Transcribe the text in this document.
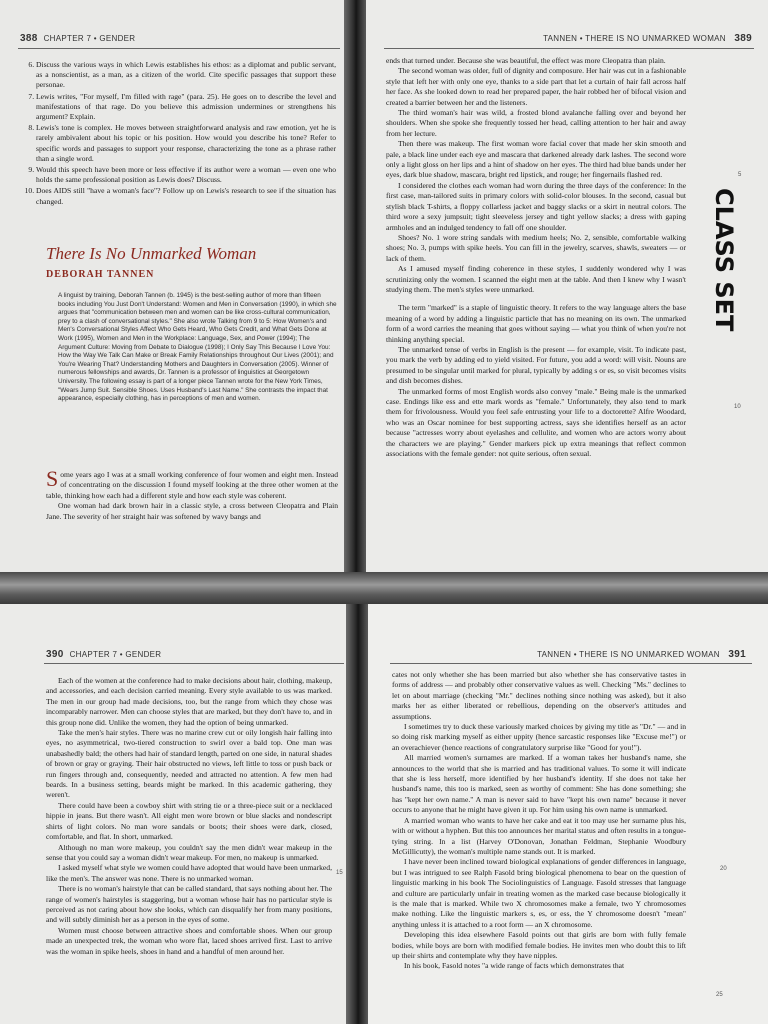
388 CHAPTER 7 • GENDER
6. Discuss the various ways in which Lewis establishes his ethos: as a diplomat and public servant, as a nonscientist, as a man, as a citizen of the world. Cite specific passages that support these personae.
7. Lewis writes, "For myself, I'm filled with rage" (para. 25). He goes on to describe the level and manifestations of that rage. Do you believe this admission undermines or strengthens his argument? Explain.
8. Lewis's tone is complex. He moves between straightforward analysis and raw emotion, yet he is rarely ambivalent about his topic or his position. How would you describe his tone? Refer to specific words and passages to support your response, characterizing the tone as a phrase rather than a single word.
9. Would this speech have been more or less effective if its author were a woman — even one who holds the same professional position as Lewis does? Discuss.
10. Does AIDS still "have a woman's face"? Follow up on Lewis's research to see if the situation has changed.
There Is No Unmarked Woman
DEBORAH TANNEN
A linguist by training, Deborah Tannen (b. 1945) is the best-selling author of more than fifteen books including You Just Don't Understand: Women and Men in Conversation (1990), in which she argues that "communication between men and women can be like cross-cultural communication, prey to a clash of conversational styles." She also wrote Talking from 9 to 5: How Women's and Men's Conversational Styles Affect Who Gets Heard, Who Gets Credit, and What Gets Done at Work (1995), Women and Men in the Workplace: Language, Sex, and Power (1994); The Argument Culture: Moving from Debate to Dialogue (1998); I Only Say This Because I Love You: How the Way We Talk Can Make or Break Family Relationships throughout Our Lives (2001); and You're Wearing That? Understanding Mothers and Daughters in Conversation (2005). Winner of numerous fellowships and awards, Dr. Tannen is a professor of linguistics at Georgetown University. The following essay is part of a longer piece Tannen wrote for the New York Times, "Wears Jump Suit. Sensible Shoes. Uses Husband's Last Name." She contrasts the impact that appearance, especially clothing, has in perceptions of men and women.

Some years ago I was at a small working conference of four women and eight men. Instead of concentrating on the discussion I found myself looking at the three other women at the table, thinking how each had a different style and how each style was coherent.

One woman had dark brown hair in a classic style, a cross between Cleopatra and Plain Jane. The severity of her straight hair was softened by wavy bangs and

TANNEN • THERE IS NO UNMARKED WOMAN 389

ends that turned under. Because she was beautiful, the effect was more Cleopatra than plain.

The second woman was older, full of dignity and composure. Her hair was cut in a fashionable style that left her with only one eye, thanks to a side part that let a curtain of hair fall across half her face. As she looked down to read her prepared paper, the hair robbed her of bifocal vision and created a barrier between her and the listeners.

The third woman's hair was wild, a frosted blond avalanche falling over and beyond her shoulders. When she spoke she frequently tossed her head, calling attention to her hair and away from her lecture.

Then there was makeup. The first woman wore facial cover that made her skin smooth and pale, a black line under each eye and mascara that darkened already dark lashes. The second wore only a light gloss on her lips and a hint of shadow on her eyes. The third had blue bands under her eyes, dark blue shadow, mascara, bright red lipstick, and rouge; her fingernails flashed red.

I considered the clothes each woman had worn during the three days of the conference: In the first case, man-tailored suits in primary colors with solid-color blouses. In the second, casual but stylish black T-shirts, a floppy collarless jacket and baggy slacks or a skirt in neutral colors. The third wore a sexy jumpsuit; tight sleeveless jersey and tight yellow slacks; a dress with gaping armholes and an indulged tendency to fall off one shoulder.

Shoes? No. 1 wore string sandals with medium heels; No. 2, sensible, comfortable walking shoes; No. 3, pumps with spike heels. You can fill in the jewelry, scarves, shawls, sweaters — or lack of them.

As I amused myself finding coherence in these styles, I suddenly wondered why I was scrutinizing only the women. I scanned the eight men at the table. And then I knew why I wasn't studying them. The men's styles were unmarked.

The term "marked" is a staple of linguistic theory. It refers to the way language alters the base meaning of a word by adding a linguistic particle that has no meaning on its own. The unmarked form of a word carries the meaning that goes without saying — what you think of when you're not thinking anything special.

The unmarked tense of verbs in English is the present — for example, visit. To indicate past, you mark the verb by adding ed to yield visited. For future, you add a word: will visit. Nouns are presumed to be singular until marked for plural, typically by adding s or es, so visit becomes visits and dish becomes dishes.

The unmarked forms of most English words also convey "male." Being male is the unmarked case. Endings like ess and ette mark words as "female." Unfortunately, they also tend to mark them for frivolousness. Would you feel safe entrusting your life to a doctorette? Alfre Woodard, who was an Oscar nominee for best supporting actress, says she identifies herself as an actor because "actresses worry about eyelashes and cellulite, and women who are actors worry about the characters we are playing." Gender markers pick up extra meanings that reflect common associations with the female gender: not quite serious, often sexual.

5
10
390 CHAPTER 7 • GENDER

Each of the women at the conference had to make decisions about hair, clothing, makeup, and accessories, and each decision carried meaning. Every style available to us was marked. The men in our group had made decisions, too, but the range from which they chose was incomparably narrower. Men can choose styles that are marked, but they don't have to, and in this group none did. Unlike the women, they had the option of being unmarked.

Take the men's hair styles. There was no marine crew cut or oily longish hair falling into eyes, no asymmetrical, two-tiered construction to swirl over a bald top. One man was unabashedly bald; the others had hair of standard length, parted on one side, in natural shades of brown or gray or graying. Their hair obstructed no views, left little to toss or push back or run fingers through and, consequently, needed and attracted no attention. A few men had beards. In a business setting, beards might be marked. In this academic gathering, they weren't.

There could have been a cowboy shirt with string tie or a three-piece suit or a necklaced hippie in jeans. But there wasn't. All eight men wore brown or blue slacks and nondescript shirts of light colors. No man wore sandals or boots; their shoes were dark, closed, comfortable, and flat. In short, unmarked.

Although no man wore makeup, you couldn't say the men didn't wear makeup in the sense that you could say a woman didn't wear makeup. For men, no makeup is unmarked.

I asked myself what style we women could have adopted that would have been unmarked, like the men's. The answer was none. There is no unmarked woman.

There is no woman's hairstyle that can be called standard, that says nothing about her. The range of women's hairstyles is staggering, but a woman whose hair has no particular style is perceived as not caring about how she looks, which can disqualify her from many positions, and will subtly diminish her as a person in the eyes of some.

Women must choose between attractive shoes and comfortable shoes. When our group made an unexpected trek, the woman who wore flat, laced shoes arrived first. Last to arrive was the woman in spike heels, shoes in hand and a handful of men around her.

15
TANNEN • THERE IS NO UNMARKED WOMAN 391

cates not only whether she has been married but also whether she has conservative tastes in forms of address — and probably other conservative values as well. Checking "Ms." declines to let on about marriage (checking "Mr." declines nothing since nothing was asked), but it also marks her as either liberated or rebellious, depending on the observer's attitudes and assumptions.

I sometimes try to duck these variously marked choices by giving my title as "Dr." — and in so doing risk marking myself as either uppity (hence sarcastic responses like "Excuse me!") or an overachiever (hence reactions of congratulatory surprise like "Good for you!").

All married women's surnames are marked. If a woman takes her husband's name, she announces to the world that she is married and has traditional values. To some it will indicate that she is less herself, more identified by her husband's identity. If she does not take her husband's name, this too is marked, seen as worthy of comment: She has done something; she has "kept her own name." A man is never said to have "kept his own name" because it never occurs to anyone that he might have given it up. For him using his own name is unmarked.

A married woman who wants to have her cake and eat it too may use her surname plus his, with or without a hyphen. But this too announces her marital status and often results in a tongue-tying string. In a list (Harvey O'Donovan, Jonathan Feldman, Stephanie Woodbury McGillicutty), the woman's multiple name stands out. It is marked.

I have never been inclined toward biological explanations of gender differences in language, but I was intrigued to see Ralph Fasold bring biological phenomena to bear on the question of linguistic marking in his book The Sociolinguistics of Language. Fasold stresses that language and culture are particularly unfair in treating women as the marked case because biologically it is the male that is marked. While two X chromosomes make a female, two Y chromosomes make nothing. Like the linguistic markers s, es, or ess, the Y chromosome doesn't "mean" anything unless it is attached to a root form — an X chromosome.

Developing this idea elsewhere Fasold points out that girls are born with fully female bodies, while boys are born with modified female bodies. He invites men who doubt this to lift up their shirts and contemplate why they have nipples.

In his book, Fasold notes "a wide range of facts which demonstrates that

20
25
CLASS SET
